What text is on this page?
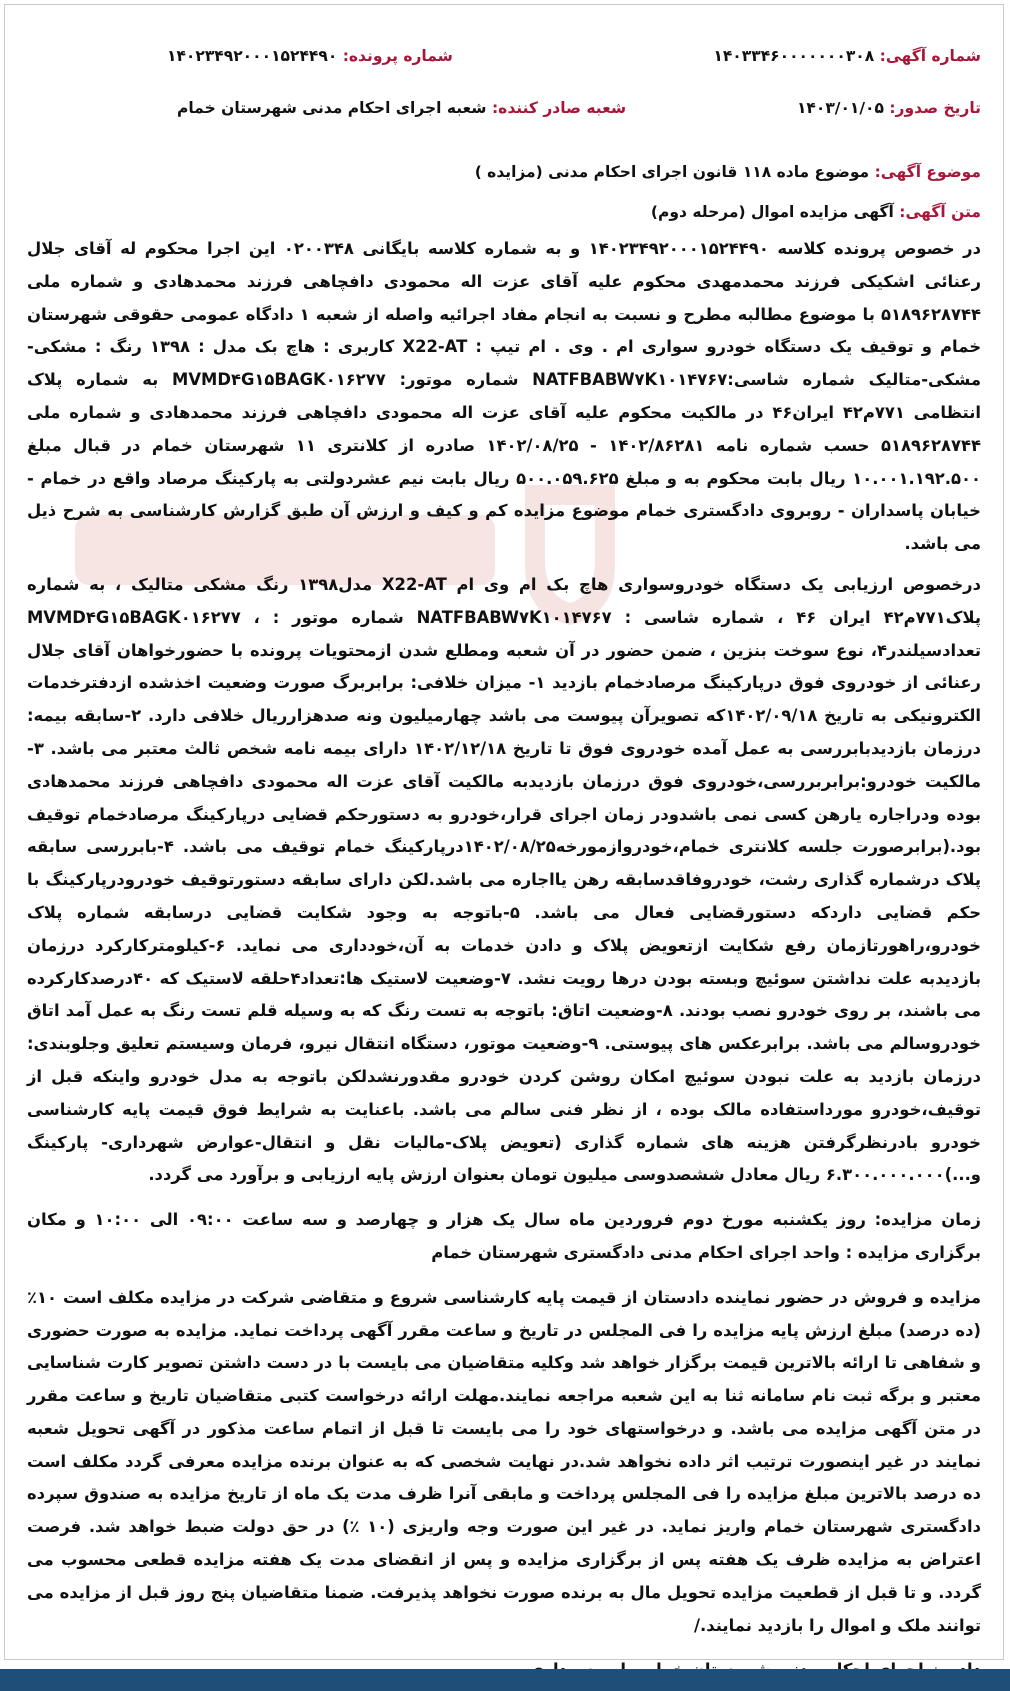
شماره آگهی: ۱۴۰۳۳۴۶۰۰۰۰۰۰۰۳۰۸
شماره پرونده: ۱۴۰۲۳۴۹۲۰۰۰۱۵۲۴۴۹۰
تاریخ صدور: ۱۴۰۳/۰۱/۰۵
شعبه صادر کننده: شعبه اجرای احکام مدنی شهرستان خمام
موضوع آگهی: موضوع ماده ۱۱۸ قانون اجرای احکام مدنی (مزایده )
متن آگهی: آگهی مزایده اموال (مرحله دوم)

در خصوص پرونده کلاسه ۱۴۰۲۳۴۹۲۰۰۰۱۵۲۴۴۹۰ و به شماره کلاسه بایگانی ۰۲۰۰۳۴۸ این اجرا محکوم له آقای جلال رعنائی اشکیکی فرزند محمدمهدی محکوم علیه آقای عزت اله محمودی دافچاهی فرزند محمدهادی و شماره ملی ۵۱۸۹۶۲۸۷۴۴ با موضوع مطالبه مطرح و نسبت به انجام مفاد اجرائیه واصله از شعبه ۱ دادگاه عمومی حقوقی شهرستان خمام و توقیف یک دستگاه خودرو سواری ام . وی . ام تیپ : X22-AT کاربری : هاچ بک مدل : ۱۳۹۸ رنگ : مشکی-مشکی-متالیک شماره شاسی:NATFBABW۷K۱۰۱۴۷۶۷ شماره موتور: MVMD۴G۱۵BAGK۰۱۶۲۷۷ به شماره پلاک انتظامی ۷۷۱م۴۲ ایران۴۶ در مالکیت محکوم علیه آقای عزت اله محمودی دافچاهی فرزند محمدهادی و شماره ملی ۵۱۸۹۶۲۸۷۴۴ حسب شماره نامه ۱۴۰۲/۸۶۲۸۱ - ۱۴۰۲/۰۸/۲۵ صادره از کلانتری ۱۱ شهرستان خمام در قبال مبلغ ۱۰.۰۰۱.۱۹۲.۵۰۰ ریال بابت محکوم به و مبلغ ۵۰۰.۰۵۹.۶۲۵ ریال بابت نیم عشردولتی به پارکینگ مرصاد واقع در خمام - خیابان پاسداران - روبروی دادگستری خمام موضوع مزایده کم و کیف و ارزش آن طبق گزارش کارشناسی به شرح ذیل می باشد.

درخصوص ارزیابی یک دستگاه خودروسواری هاچ بک ام وی ام X22-AT مدل۱۳۹۸ رنگ مشکی متالیک ، به شماره پلاک۷۷۱م۴۲ ایران ۴۶ ، شماره شاسی : NATFBABW۷K۱۰۱۴۷۶۷ شماره موتور : ، MVMD۴G۱۵BAGK۰۱۶۲۷۷ تعدادسیلندر۴، نوع سوخت بنزین ، ضمن حضور در آن شعبه ومطلع شدن ازمحتویات پرونده با حضورخواهان آقای جلال رعنائی از خودروی فوق درپارکینگ مرصادخمام بازدید ۱- میزان خلافی: برابربرگ صورت وضعیت اخذشده ازدفترخدمات الکترونیکی به تاریخ ۱۴۰۲/۰۹/۱۸که تصویرآن پیوست می باشد چهارمیلیون ونه صدهزارریال خلافی دارد. ۲-سابقه بیمه: درزمان بازدیدبابررسی به عمل آمده خودروی فوق تا تاریخ ۱۴۰۲/۱۲/۱۸ دارای بیمه نامه شخص ثالث معتبر می باشد. ۳-مالکیت خودرو:برابربررسی،خودروی فوق درزمان بازدیدبه مالکیت آقای عزت اله محمودی دافچاهی فرزند محمدهادی بوده ودراجاره یارهن کسی نمی باشدودر زمان اجرای قرار،خودرو به دستورحکم قضایی درپارکینگ مرصادخمام توقیف بود.(برابرصورت جلسه کلانتری خمام،خودروازمورخه۱۴۰۲/۰۸/۲۵درپارکینگ خمام توقیف می باشد. ۴-بابررسی سابقه پلاک درشماره گذاری رشت، خودروفاقدسابقه رهن یااجاره می باشد.لکن دارای سابقه دستورتوقیف خودرودرپارکینگ با حکم قضایی داردکه دستورقضایی فعال می باشد. ۵-باتوجه به وجود شکایت قضایی درسابقه شماره پلاک خودرو،راهورتازمان رفع شکایت ازتعویض پلاک و دادن خدمات به آن،خودداری می نماید. ۶-کیلومترکارکرد درزمان بازدیدبه علت نداشتن سوئیچ وبسته بودن درها رویت نشد. ۷-وضعیت لاستیک ها:تعداد۴حلقه لاستیک که ۴۰درصدکارکرده می باشند، بر روی خودرو نصب بودند. ۸-وضعیت اتاق: باتوجه به تست رنگ که به وسیله قلم تست رنگ به عمل آمد اتاق خودروسالم می باشد. برابرعکس های پیوستی. ۹-وضعیت موتور، دستگاه انتقال نیرو، فرمان وسیستم تعلیق وجلوبندی: درزمان بازدید به علت نبودن سوئیچ امکان روشن کردن خودرو مقدورنشدلکن باتوجه به مدل خودرو واینکه قبل از توقیف،خودرو مورداستفاده مالک بوده ، از نظر فنی سالم می باشد. باعنایت به شرایط فوق قیمت پایه کارشناسی خودرو بادرنظرگرفتن هزینه های شماره گذاری (تعویض پلاک-مالیات نقل و انتقال-عوارض شهرداری- پارکینگ و...)۶.۳۰۰.۰۰۰.۰۰۰ ریال معادل ششصدوسی میلیون تومان بعنوان ارزش پایه ارزیابی و برآورد می گردد.

زمان مزایده: روز یکشنبه مورخ دوم فروردین ماه سال یک هزار و چهارصد و سه ساعت ۰۹:۰۰ الی ۱۰:۰۰ و مکان برگزاری مزایده : واحد اجرای احکام مدنی دادگستری شهرستان خمام

مزایده و فروش در حضور نماینده دادستان از قیمت پایه کارشناسی شروع و متقاضی شرکت در مزایده مکلف است ۱۰٪ (ده درصد) مبلغ ارزش پایه مزایده را فی المجلس در تاریخ و ساعت مقرر آگهی پرداخت نماید. مزایده به صورت حضوری و شفاهی تا ارائه بالاترین قیمت برگزار خواهد شد وکلیه متقاضیان می بایست با در دست داشتن تصویر کارت شناسایی معتبر و برگه ثبت نام سامانه ثنا به این شعبه مراجعه نمایند.مهلت ارائه درخواست کتبی متقاضیان تاریخ و ساعت مقرر در متن آگهی مزایده می باشد. و درخواستهای خود را می بایست تا قبل از اتمام ساعت مذکور در آگهی تحویل شعبه نمایند در غیر اینصورت ترتیب اثر داده نخواهد شد.در نهایت شخصی که به عنوان برنده مزایده معرفی گردد مکلف است ده درصد بالاترین مبلغ مزایده را فی المجلس پرداخت و مابقی آنرا ظرف مدت یک ماه از تاریخ مزایده به صندوق سپرده دادگستری شهرستان خمام واریز نماید. در غیر این صورت وجه واریزی (۱۰ ٪) در حق دولت ضبط خواهد شد. فرصت اعتراض به مزایده ظرف یک هفته پس از برگزاری مزایده و پس از انقضای مدت یک هفته مزایده قطعی محسوب می گردد. و تا قبل از قطعیت مزایده تحویل مال به برنده صورت نخواهد پذیرفت. ضمنا متقاضیان پنج روز قبل از مزایده می توانند ملک و اموال را بازدید نمایند./
